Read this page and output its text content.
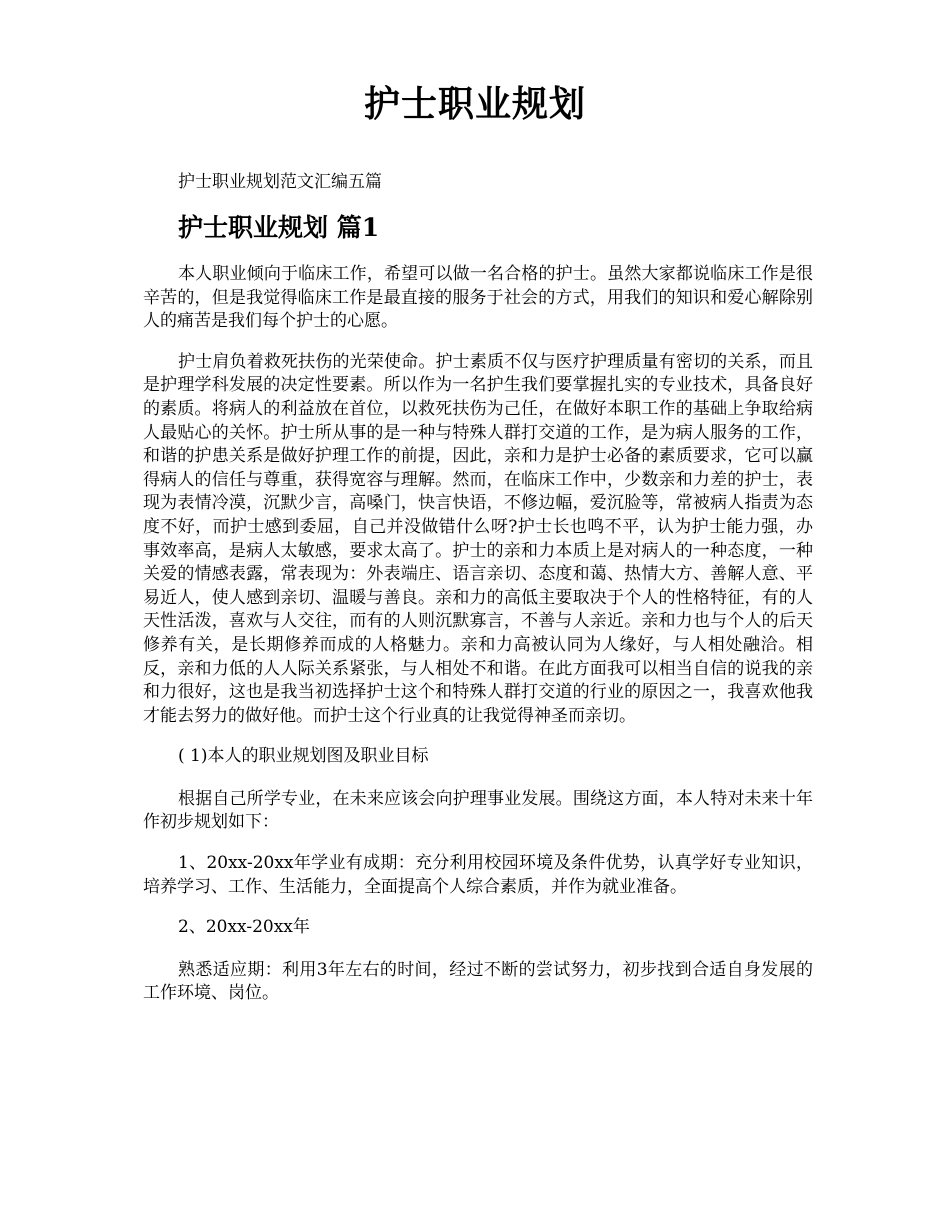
护士职业规划
护士职业规划范文汇编五篇
护士职业规划 篇1

本人职业倾向于临床工作，希望可以做一名合格的护士。虽然大家都说临床工作是很辛苦的，但是我觉得临床工作是最直接的服务于社会的方式，用我们的知识和爱心解除别人的痛苦是我们每个护士的心愿。

护士肩负着救死扶伤的光荣使命。护士素质不仅与医疗护理质量有密切的关系，而且是护理学科发展的决定性要素。所以作为一名护生我们要掌握扎实的专业技术，具备良好的素质。将病人的利益放在首位，以救死扶伤为己任，在做好本职工作的基础上争取给病人最贴心的关怀。护士所从事的是一种与特殊人群打交道的工作，是为病人服务的工作，和谐的护患关系是做好护理工作的前提，因此，亲和力是护士必备的素质要求，它可以赢得病人的信任与尊重，获得宽容与理解。然而，在临床工作中，少数亲和力差的护士，表现为表情冷漠，沉默少言，高嗓门，快言快语，不修边幅，爱沉脸等，常被病人指责为态度不好，而护士感到委屈，自己并没做错什么呀?护士长也鸣不平，认为护士能力强，办事效率高，是病人太敏感，要求太高了。护士的亲和力本质上是对病人的一种态度，一种关爱的情感表露，常表现为：外表端庄、语言亲切、态度和蔼、热情大方、善解人意、平易近人，使人感到亲切、温暖与善良。亲和力的高低主要取决于个人的性格特征，有的人天性活泼，喜欢与人交往，而有的人则沉默寡言，不善与人亲近。亲和力也与个人的后天修养有关，是长期修养而成的人格魅力。亲和力高被认同为人缘好，与人相处融洽。相反，亲和力低的人人际关系紧张，与人相处不和谐。在此方面我可以相当自信的说我的亲和力很好，这也是我当初选择护士这个和特殊人群打交道的行业的原因之一，我喜欢他我才能去努力的做好他。而护士这个行业真的让我觉得神圣而亲切。

( 1)本人的职业规划图及职业目标

根据自己所学专业，在未来应该会向护理事业发展。围绕这方面，本人特对未来十年作初步规划如下：

1、20xx-20xx年学业有成期：充分利用校园环境及条件优势，认真学好专业知识，培养学习、工作、生活能力，全面提高个人综合素质，并作为就业准备。

2、20xx-20xx年

熟悉适应期：利用3年左右的时间，经过不断的尝试努力，初步找到合适自身发展的工作环境、岗位。
